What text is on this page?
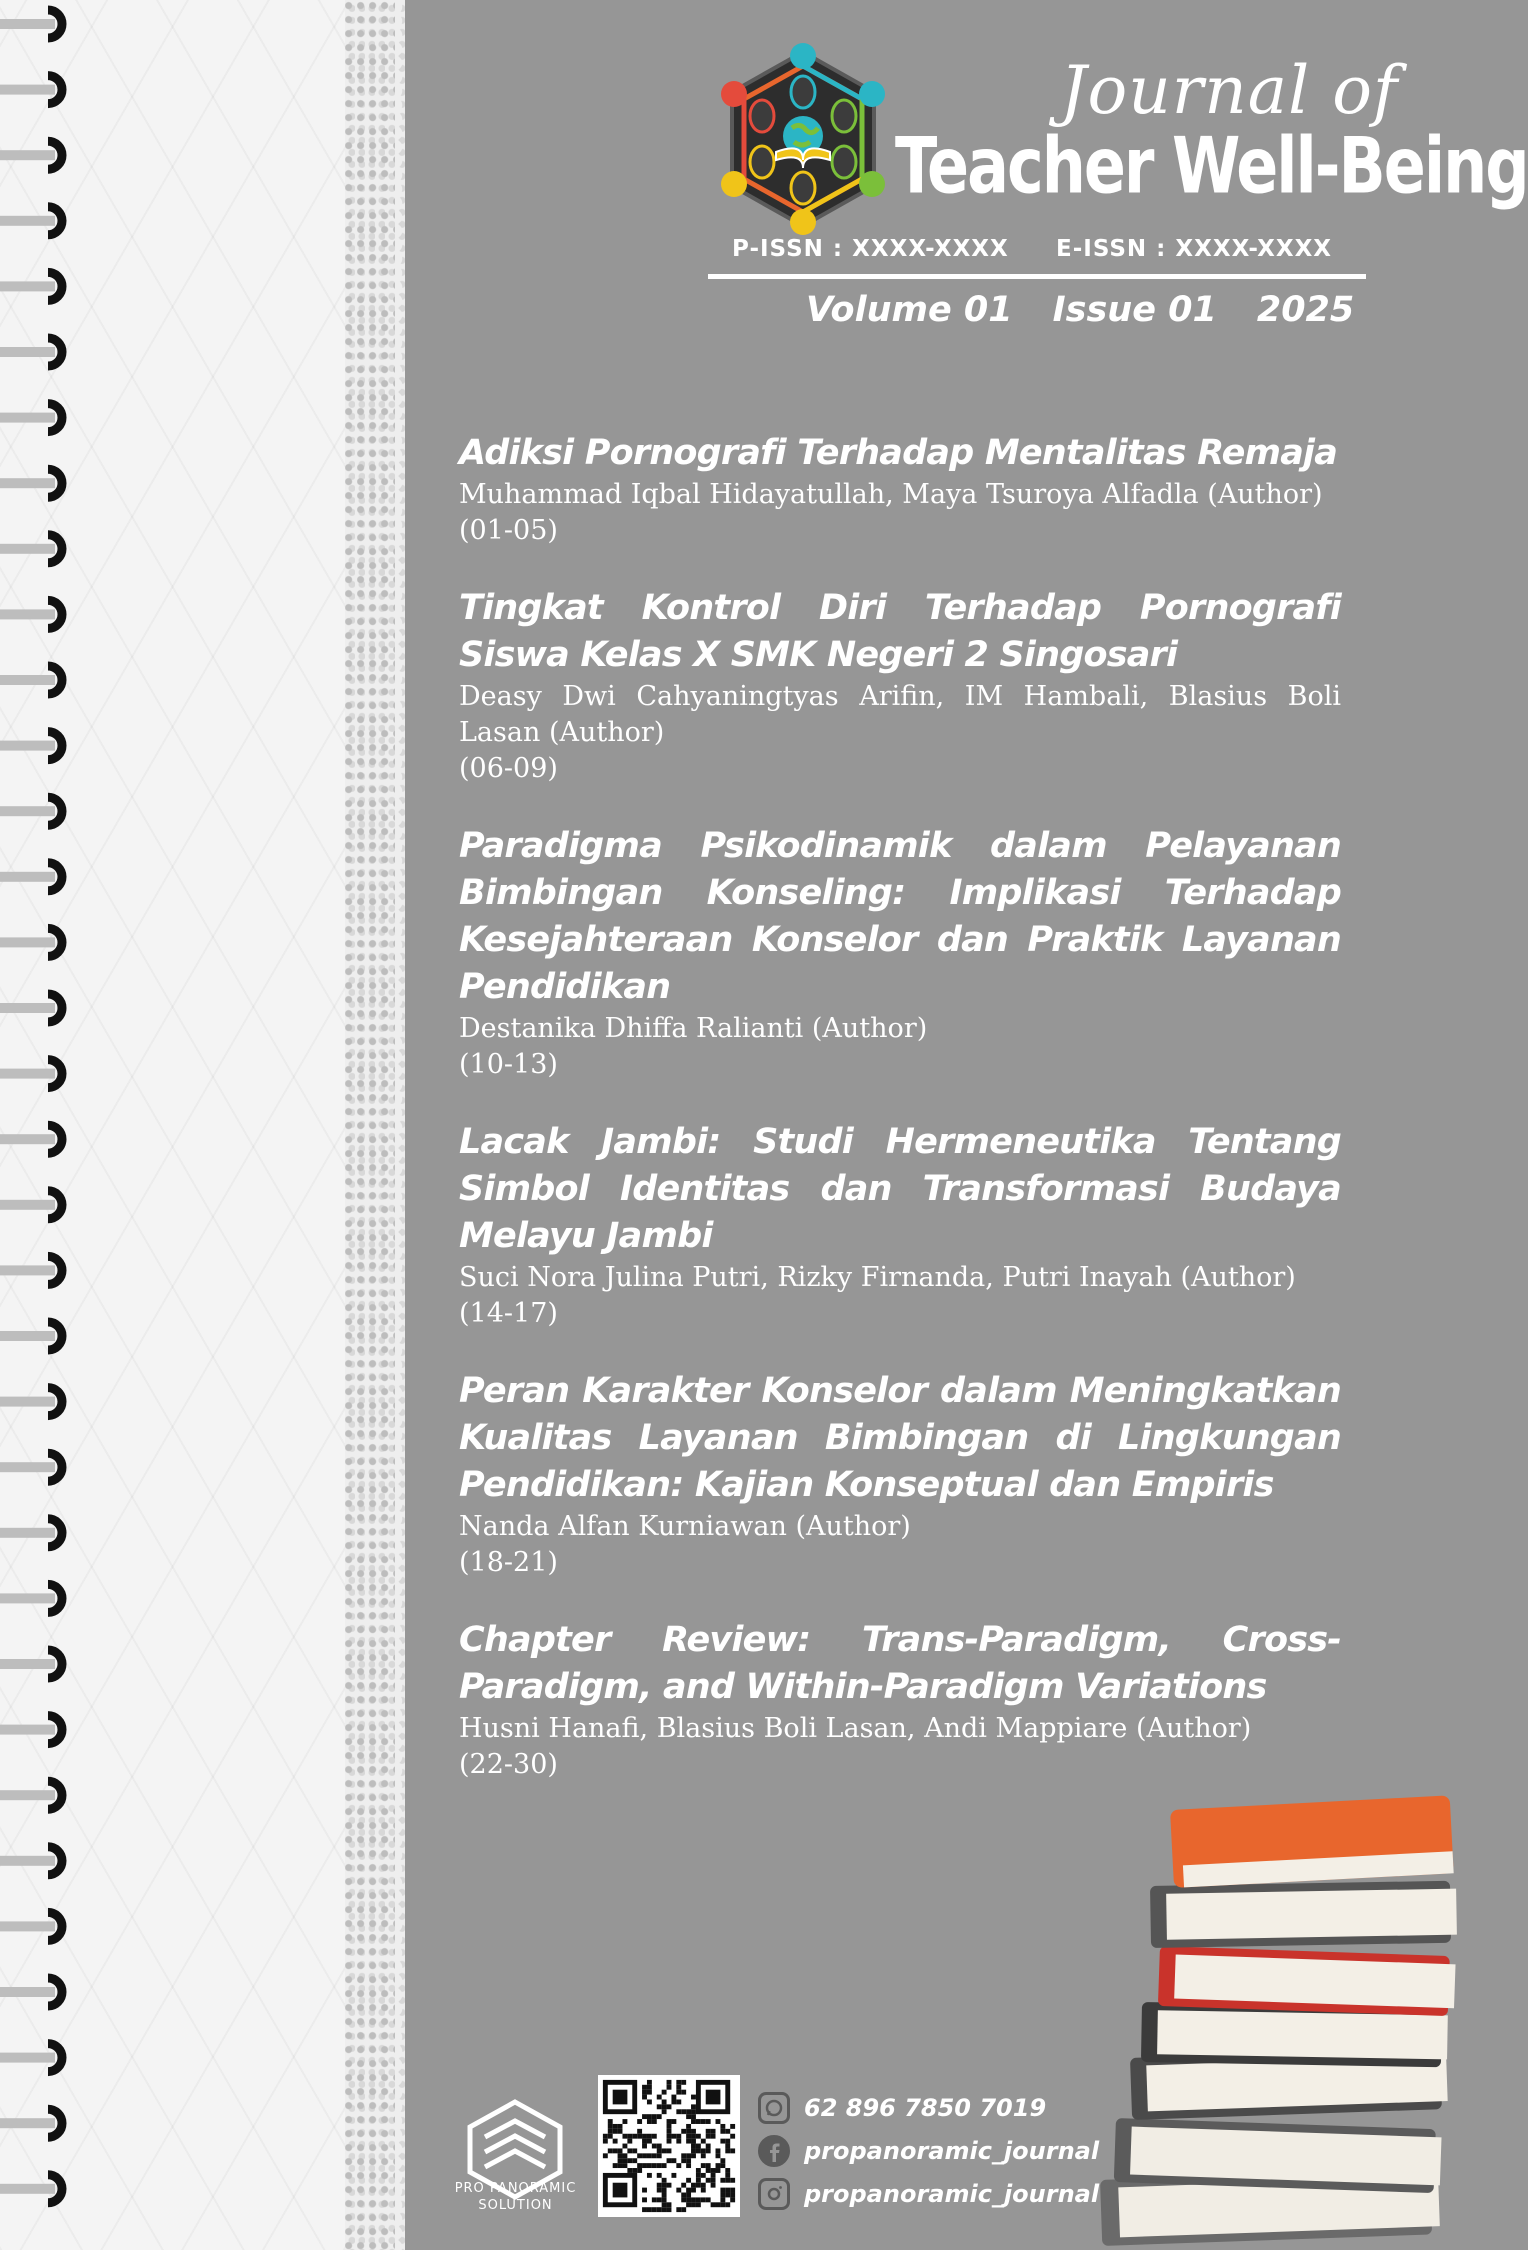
Journal of
Teacher Well-Being
P-ISSN : XXXX-XXXX E-ISSN : XXXX-XXXX
Volume 01 Issue 01 2025

Adiksi Pornografi Terhadap Mentalitas Remaja

Muhammad Iqbal Hidayatullah, Maya Tsuroya Alfadla (Author)

(01-05)

Tingkat Kontrol Diri Terhadap Pornografi Siswa Kelas X SMK Negeri 2 Singosari

Deasy Dwi Cahyaningtyas Arifin, IM Hambali, Blasius Boli Lasan (Author)

(06-09)

Paradigma Psikodinamik dalam Pelayanan Bimbingan Konseling: Implikasi Terhadap Kesejahteraan Konselor dan Praktik Layanan Pendidikan

Destanika Dhiffa Ralianti (Author)

(10-13)

Lacak Jambi: Studi Hermeneutika Tentang Simbol Identitas dan Transformasi Budaya Melayu Jambi

Suci Nora Julina Putri, Rizky Firnanda, Putri Inayah (Author)

(14-17)

Peran Karakter Konselor dalam Meningkatkan Kualitas Layanan Bimbingan di Lingkungan Pendidikan: Kajian Konseptual dan Empiris

Nanda Alfan Kurniawan (Author)

(18-21)

Chapter Review: Trans-Paradigm, Cross-Paradigm, and Within-Paradigm Variations

Husni Hanafi, Blasius Boli Lasan, Andi Mappiare (Author)

(22-30)

PRO PANORAMIC
SOLUTION
62 896 7850 7019
propanoramic_journal
propanoramic_journal
